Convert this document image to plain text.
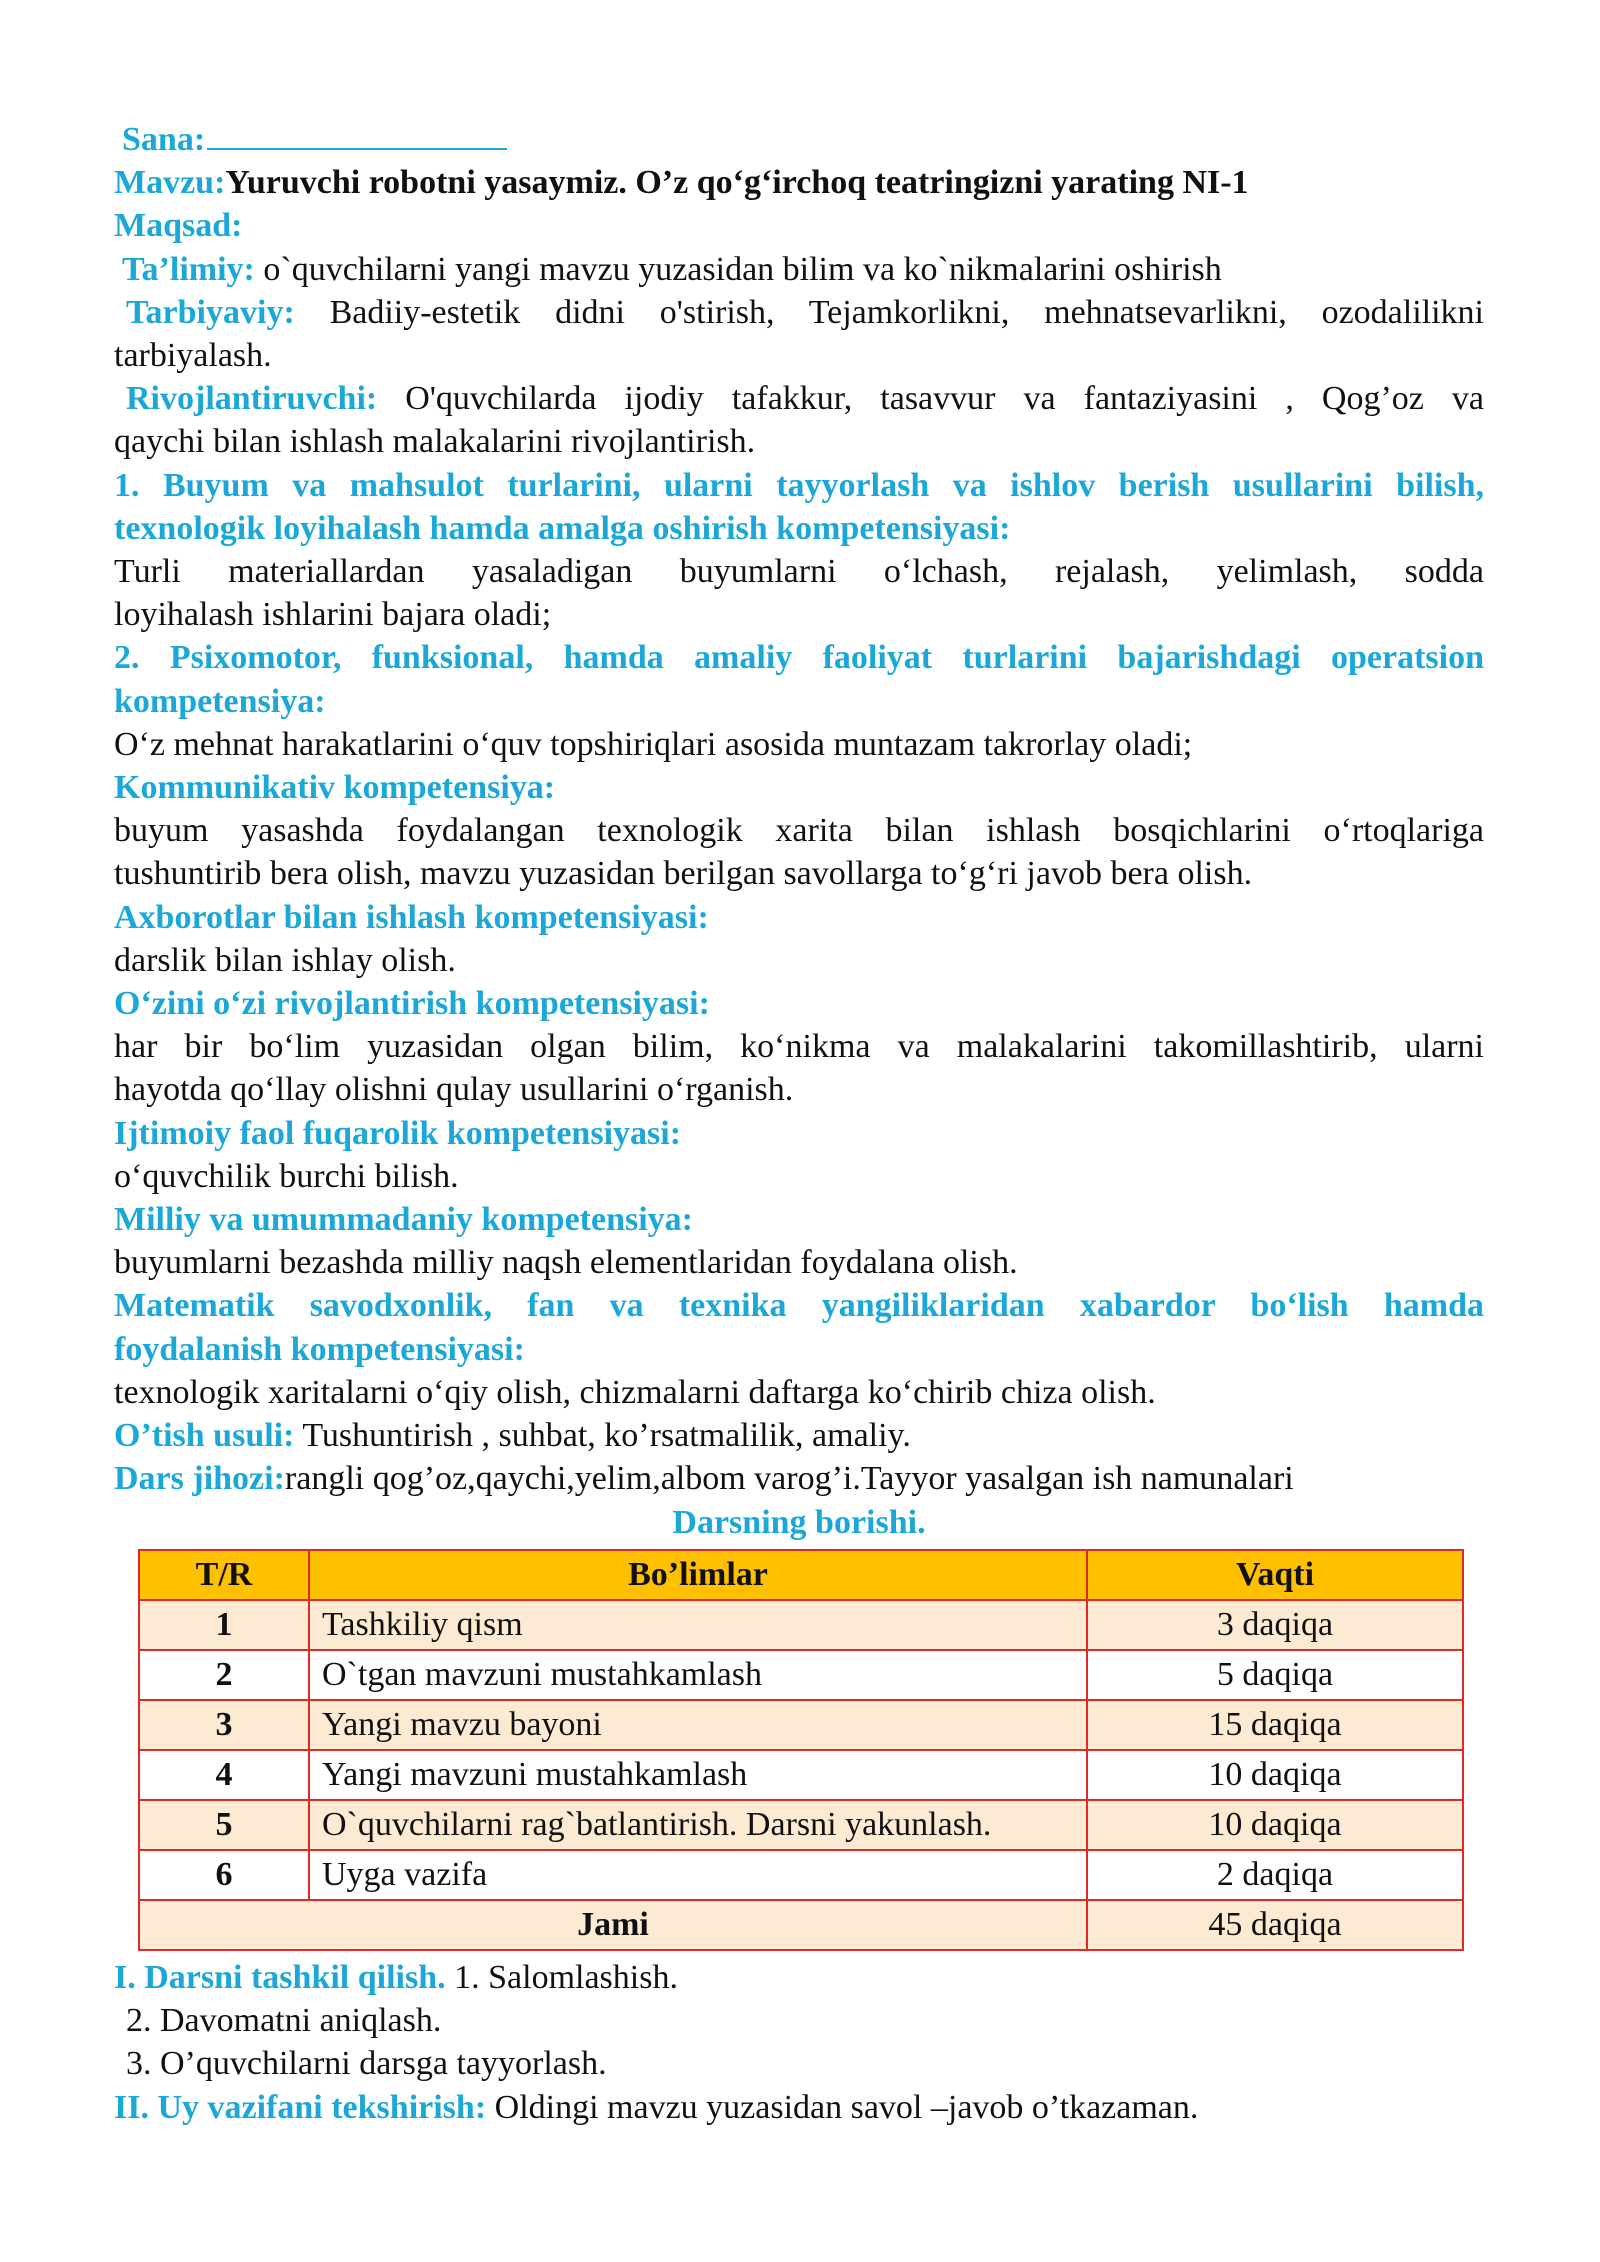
Sana:
Mavzu:Yuruvchi robotni yasaymiz. O’z qo‘g‘irchoq teatringizni yarating NI-1
Maqsad:
Ta’limiy: o`quvchilarni yangi mavzu yuzasidan bilim va ko`nikmalarini oshirish
Tarbiyaviy: Badiiy-estetik didni o'stirish, Tejamkorlikni, mehnatsevarlikni, ozodalilikni
tarbiyalash.
Rivojlantiruvchi: O'quvchilarda ijodiy tafakkur, tasavvur va fantaziyasini , Qog’oz va
qaychi bilan ishlash malakalarini rivojlantirish.
1. Buyum va mahsulot turlarini, ularni tayyorlash va ishlov berish usullarini bilish,
texnologik loyihalash hamda amalga oshirish kompetensiyasi:
Turli materiallardan yasaladigan buyumlarni o‘lchash, rejalash, yelimlash, sodda
loyihalash ishlarini bajara oladi;
2. Psixomotor, funksional, hamda amaliy faoliyat turlarini bajarishdagi operatsion
kompetensiya:
O‘z mehnat harakatlarini o‘quv topshiriqlari asosida muntazam takrorlay oladi;
Kommunikativ kompetensiya:
buyum yasashda foydalangan texnologik xarita bilan ishlash bosqichlarini o‘rtoqlariga
tushuntirib bera olish, mavzu yuzasidan berilgan savollarga to‘g‘ri javob bera olish.
Axborotlar bilan ishlash kompetensiyasi:
darslik bilan ishlay olish.
O‘zini o‘zi rivojlantirish kompetensiyasi:
har bir bo‘lim yuzasidan olgan bilim, ko‘nikma va malakalarini takomillashtirib, ularni
hayotda qo‘llay olishni qulay usullarini o‘rganish.
Ijtimoiy faol fuqarolik kompetensiyasi:
o‘quvchilik burchi bilish.
Milliy va umummadaniy kompetensiya:
buyumlarni bezashda milliy naqsh elementlaridan foydalana olish.
Matematik savodxonlik, fan va texnika yangiliklaridan xabardor bo‘lish hamda
foydalanish kompetensiyasi:
texnologik xaritalarni o‘qiy olish, chizmalarni daftarga ko‘chirib chiza olish.
O’tish usuli: Tushuntirish , suhbat, ko’rsatmalilik, amaliy.
Dars jihozi:rangli qog’oz,qaychi,yelim,albom varog’i.Tayyor yasalgan ish namunalari
Darsning borishi.
T/R	Bo’limlar	Vaqti
1	Tashkiliy qism	3 daqiqa
2	O`tgan mavzuni mustahkamlash	5 daqiqa
3	Yangi mavzu bayoni	15 daqiqa
4	Yangi mavzuni mustahkamlash	10 daqiqa
5	O`quvchilarni rag`batlantirish. Darsni yakunlash.	10 daqiqa
6	Uyga vazifa	2 daqiqa
Jami		45 daqiqa
I. Darsni tashkil qilish. 1. Salomlashish.
2. Davomatni aniqlash.
3. O’quvchilarni darsga tayyorlash.
II. Uy vazifani tekshirish: Oldingi mavzu yuzasidan savol –javob o’tkazaman.
